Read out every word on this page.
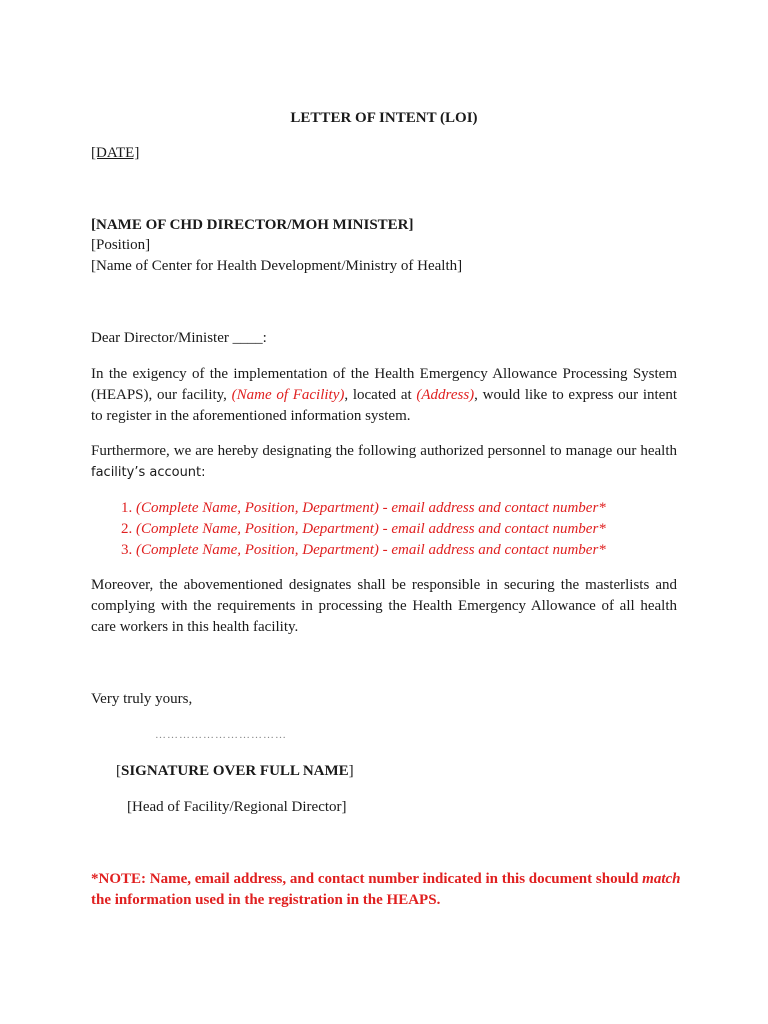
LETTER OF INTENT (LOI)
[DATE]
[NAME OF CHD DIRECTOR/MOH MINISTER]
[Position]
[Name of Center for Health Development/Ministry of Health]
Dear Director/Minister ____:
In the exigency of the implementation of the Health Emergency Allowance Processing System (HEAPS), our facility, (Name of Facility), located at (Address), would like to express our intent to register in the aforementioned information system.
Furthermore, we are hereby designating the following authorized personnel to manage our health facility’s account:
1. (Complete Name, Position, Department) - email address and contact number*
2. (Complete Name, Position, Department) - email address and contact number*
3. (Complete Name, Position, Department) - email address and contact number*
Moreover, the abovementioned designates shall be responsible in securing the masterlists and complying with the requirements in processing the Health Emergency Allowance of all health care workers in this health facility.
Very truly yours,
……………………………
[SIGNATURE OVER FULL NAME]
[Head of Facility/Regional Director]
*NOTE: Name, email address, and contact number indicated in this document should match the information used in the registration in the HEAPS.
